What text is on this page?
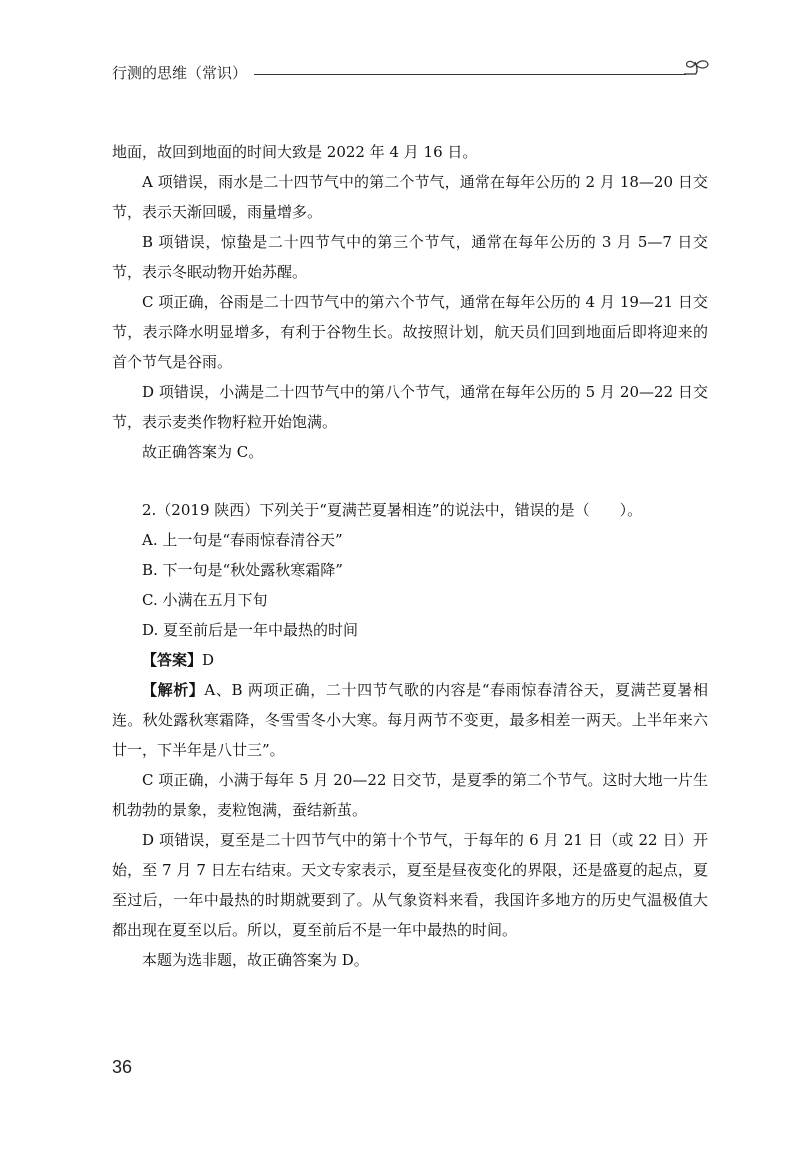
行测的思维（常识）

地面，故回到地面的时间大致是 2022 年 4 月 16 日。

A 项错误，雨水是二十四节气中的第二个节气，通常在每年公历的 2 月 18—20 日交节，表示天渐回暖，雨量增多。

B 项错误，惊蛰是二十四节气中的第三个节气，通常在每年公历的 3 月 5—7 日交节，表示冬眠动物开始苏醒。

C 项正确，谷雨是二十四节气中的第六个节气，通常在每年公历的 4 月 19—21 日交节，表示降水明显增多，有利于谷物生长。故按照计划，航天员们回到地面后即将迎来的首个节气是谷雨。

D 项错误，小满是二十四节气中的第八个节气，通常在每年公历的 5 月 20—22 日交节，表示麦类作物籽粒开始饱满。

故正确答案为 C。

2.（2019 陕西）下列关于“夏满芒夏暑相连”的说法中，错误的是（　　）。

A. 上一句是“春雨惊春清谷天”

B. 下一句是“秋处露秋寒霜降”

C. 小满在五月下旬

D. 夏至前后是一年中最热的时间

【答案】D

【解析】A、B 两项正确，二十四节气歌的内容是“春雨惊春清谷天，夏满芒夏暑相连。秋处露秋寒霜降，冬雪雪冬小大寒。每月两节不变更，最多相差一两天。上半年来六廿一，下半年是八廿三”。

C 项正确，小满于每年 5 月 20—22 日交节，是夏季的第二个节气。这时大地一片生机勃勃的景象，麦粒饱满，蚕结新茧。

D 项错误，夏至是二十四节气中的第十个节气，于每年的 6 月 21 日（或 22 日）开始，至 7 月 7 日左右结束。天文专家表示，夏至是昼夜变化的界限，还是盛夏的起点，夏至过后，一年中最热的时期就要到了。从气象资料来看，我国许多地方的历史气温极值大都出现在夏至以后。所以，夏至前后不是一年中最热的时间。

本题为选非题，故正确答案为 D。

36
